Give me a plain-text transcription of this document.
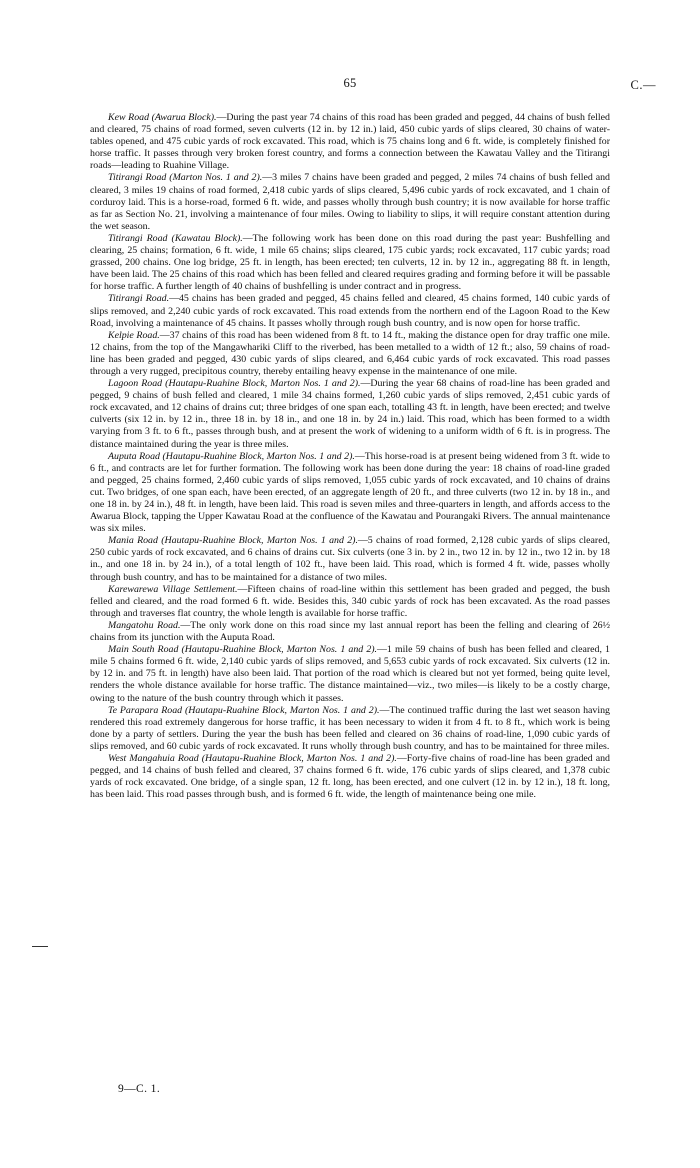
65	C.—

Kew Road (Awarua Block).—During the past year 74 chains of this road has been graded and pegged, 44 chains of bush felled and cleared, 75 chains of road formed, seven culverts (12 in. by 12 in.) laid, 450 cubic yards of slips cleared, 30 chains of water-tables opened, and 475 cubic yards of rock excavated. This road, which is 75 chains long and 6 ft. wide, is completely finished for horse traffic. It passes through very broken forest country, and forms a connection between the Kawatau Valley and the Titirangi roads—leading to Ruahine Village.

Titirangi Road (Marton Nos. 1 and 2).—3 miles 7 chains have been graded and pegged, 2 miles 74 chains of bush felled and cleared, 3 miles 19 chains of road formed, 2,418 cubic yards of slips cleared, 5,496 cubic yards of rock excavated, and 1 chain of corduroy laid. This is a horse-road, formed 6 ft. wide, and passes wholly through bush country; it is now available for horse traffic as far as Section No. 21, involving a maintenance of four miles. Owing to liability to slips, it will require constant attention during the wet season.

Titirangi Road (Kawatau Block).—The following work has been done on this road during the past year: Bushfelling and clearing, 25 chains; formation, 6 ft. wide, 1 mile 65 chains; slips cleared, 175 cubic yards; rock excavated, 117 cubic yards; road grassed, 200 chains. One log bridge, 25 ft. in length, has been erected; ten culverts, 12 in. by 12 in., aggregating 88 ft. in length, have been laid. The 25 chains of this road which has been felled and cleared requires grading and forming before it will be passable for horse traffic. A further length of 40 chains of bushfelling is under contract and in progress.

Titirangi Road.—45 chains has been graded and pegged, 45 chains felled and cleared, 45 chains formed, 140 cubic yards of slips removed, and 2,240 cubic yards of rock excavated. This road extends from the northern end of the Lagoon Road to the Kew Road, involving a maintenance of 45 chains. It passes wholly through rough bush country, and is now open for horse traffic.

Kelpie Road.—37 chains of this road has been widened from 8 ft. to 14 ft., making the distance open for dray traffic one mile. 12 chains, from the top of the Mangawhariki Cliff to the riverbed, has been metalled to a width of 12 ft.; also, 59 chains of road-line has been graded and pegged, 430 cubic yards of slips cleared, and 6,464 cubic yards of rock excavated. This road passes through a very rugged, precipitous country, thereby entailing heavy expense in the maintenance of one mile.

Lagoon Road (Hautapu-Ruahine Block, Marton Nos. 1 and 2).—During the year 68 chains of road-line has been graded and pegged, 9 chains of bush felled and cleared, 1 mile 34 chains formed, 1,260 cubic yards of slips removed, 2,451 cubic yards of rock excavated, and 12 chains of drains cut; three bridges of one span each, totalling 43 ft. in length, have been erected; and twelve culverts (six 12 in. by 12 in., three 18 in. by 18 in., and one 18 in. by 24 in.) laid. This road, which has been formed to a width varying from 3 ft. to 6 ft., passes through bush, and at present the work of widening to a uniform width of 6 ft. is in progress. The distance maintained during the year is three miles.

Auputa Road (Hautapu-Ruahine Block, Marton Nos. 1 and 2).—This horse-road is at present being widened from 3 ft. wide to 6 ft., and contracts are let for further formation. The following work has been done during the year: 18 chains of road-line graded and pegged, 25 chains formed, 2,460 cubic yards of slips removed, 1,055 cubic yards of rock excavated, and 10 chains of drains cut. Two bridges, of one span each, have been erected, of an aggregate length of 20 ft., and three culverts (two 12 in. by 18 in., and one 18 in. by 24 in.), 48 ft. in length, have been laid. This road is seven miles and three-quarters in length, and affords access to the Awarua Block, tapping the Upper Kawatau Road at the confluence of the Kawatau and Pourangaki Rivers. The annual maintenance was six miles.

Mania Road (Hautapu-Ruahine Block, Marton Nos. 1 and 2).—5 chains of road formed, 2,128 cubic yards of slips cleared, 250 cubic yards of rock excavated, and 6 chains of drains cut. Six culverts (one 3 in. by 2 in., two 12 in. by 12 in., two 12 in. by 18 in., and one 18 in. by 24 in.), of a total length of 102 ft., have been laid. This road, which is formed 4 ft. wide, passes wholly through bush country, and has to be maintained for a distance of two miles.

Karewarewa Village Settlement.—Fifteen chains of road-line within this settlement has been graded and pegged, the bush felled and cleared, and the road formed 6 ft. wide. Besides this, 340 cubic yards of rock has been excavated. As the road passes through and traverses flat country, the whole length is available for horse traffic.

Mangatohu Road.—The only work done on this road since my last annual report has been the felling and clearing of 26½ chains from its junction with the Auputa Road.

Main South Road (Hautapu-Ruahine Block, Marton Nos. 1 and 2).—1 mile 59 chains of bush has been felled and cleared, 1 mile 5 chains formed 6 ft. wide, 2,140 cubic yards of slips removed, and 5,653 cubic yards of rock excavated. Six culverts (12 in. by 12 in. and 75 ft. in length) have also been laid. That portion of the road which is cleared but not yet formed, being quite level, renders the whole distance available for horse traffic. The distance maintained—viz., two miles—is likely to be a costly charge, owing to the nature of the bush country through which it passes.

Te Parapara Road (Hautapu-Ruahine Block, Marton Nos. 1 and 2).—The continued traffic during the last wet season having rendered this road extremely dangerous for horse traffic, it has been necessary to widen it from 4 ft. to 8 ft., which work is being done by a party of settlers. During the year the bush has been felled and cleared on 36 chains of road-line, 1,090 cubic yards of slips removed, and 60 cubic yards of rock excavated. It runs wholly through bush country, and has to be maintained for three miles.

West Mangahuia Road (Hautapu-Ruahine Block, Marton Nos. 1 and 2).—Forty-five chains of road-line has been graded and pegged, and 14 chains of bush felled and cleared, 37 chains formed 6 ft. wide, 176 cubic yards of slips cleared, and 1,378 cubic yards of rock excavated. One bridge, of a single span, 12 ft. long, has been erected, and one culvert (12 in. by 12 in.), 18 ft. long, has been laid. This road passes through bush, and is formed 6 ft. wide, the length of maintenance being one mile.

9—C. 1.
